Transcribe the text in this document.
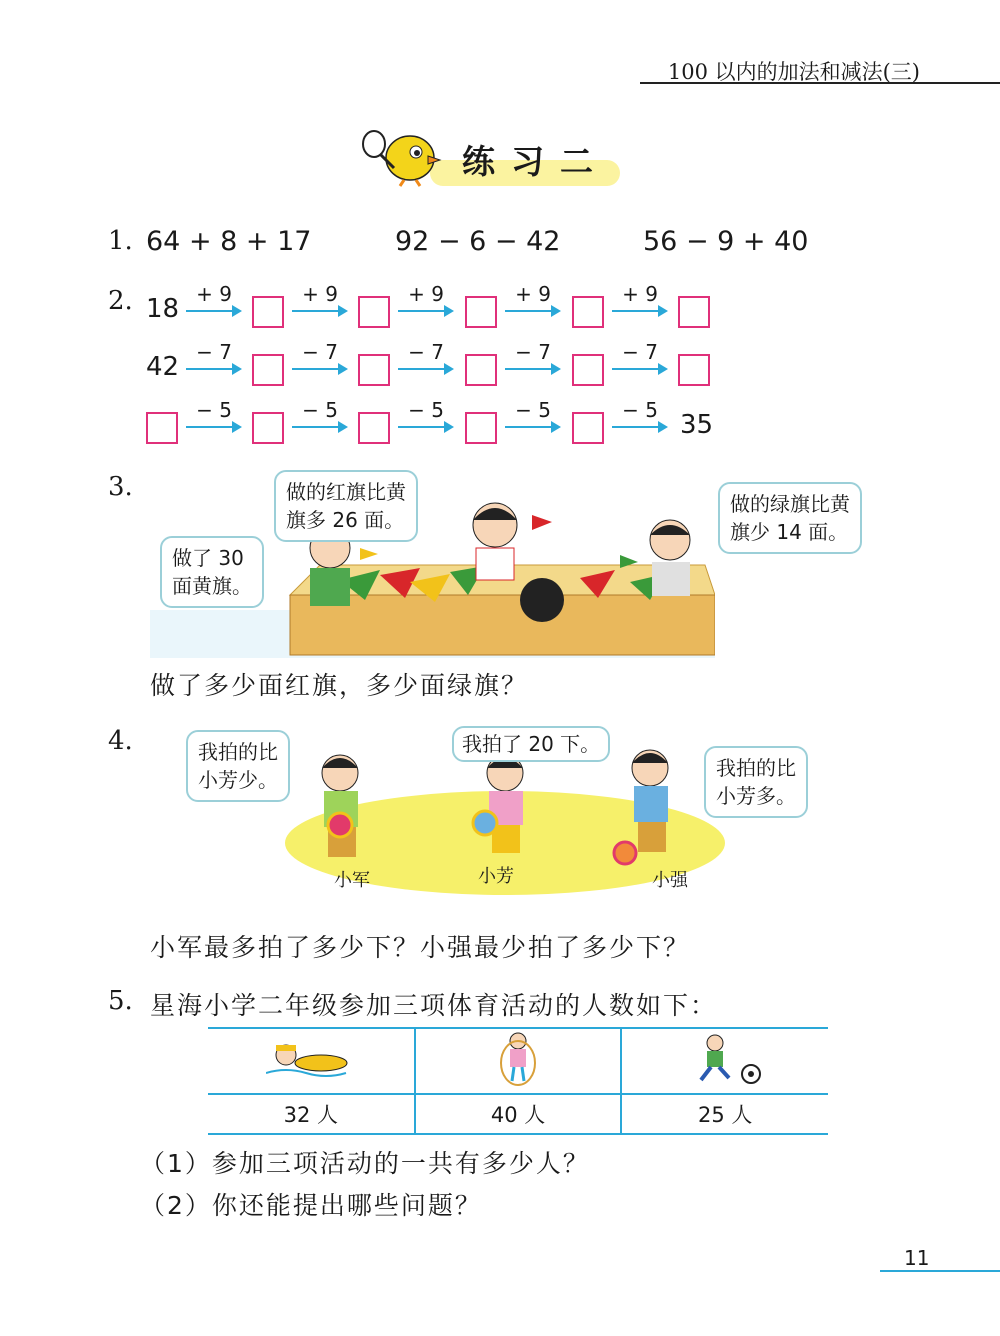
100 以内的加法和减法(三)
练习二
1. 64 + 8 + 17	92 − 6 − 42	56 − 9 + 40
2. 18 + 9	+ 9	+ 9	+ 9	+ 9
42 − 7	− 7	− 7	− 7	− 7
− 5	− 5	− 5	− 5	− 5 35
3.
做了 30
面黄旗。
做的红旗比黄
旗多 26 面。
做的绿旗比黄
旗少 14 面。
做了多少面红旗，多少面绿旗？
4.	我拍的比
小芳少。
我拍了 20 下。
我拍的比
小芳多。
小军	小芳	小强
小军最多拍了多少下？小强最少拍了多少下？
5. 星海小学二年级参加三项体育活动的人数如下：

32 人	40 人	25 人
（1）参加三项活动的一共有多少人？
（2）你还能提出哪些问题？
11
